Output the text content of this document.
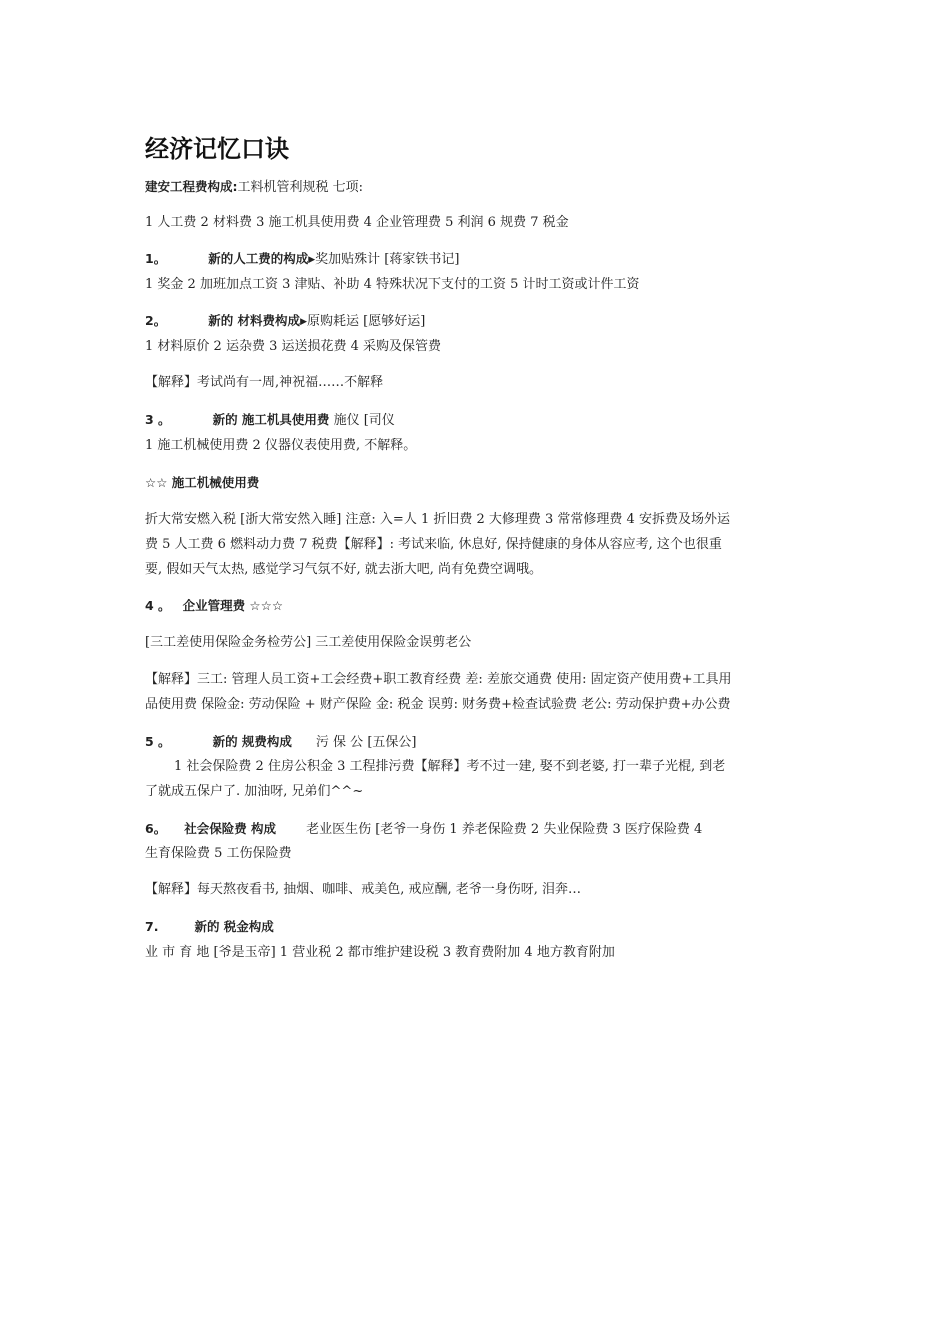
经济记忆口诀
建安工程费构成:工料机管利规税 七项:
1 人工费 2 材料费 3 施工机具使用费 4 企业管理费 5 利润 6 规费 7 税金
1。	新的人工费的构成▶奖加贴殊计 [蒋家铁书记]
1 奖金 2 加班加点工资 3 津贴、补助 4 特殊状况下支付的工资 5 计时工资或计件工资
2。	新的 材料费构成▶原购耗运 [愿够好运]
1 材料原价 2 运杂费 3 运送损花费 4 采购及保管费
【解释】考试尚有一周,神祝福……不解释
3 。	新的 施工机具使用费 施仪 [司仪
1 施工机械使用费 2 仪器仪表使用费, 不解释。
☆☆ 施工机械使用费
折大常安燃入税 [浙大常安然入睡] 注意: 入=人 1 折旧费 2 大修理费 3 常常修理费 4 安拆费及场外运
费 5 人工费 6 燃料动力费 7 税费【解释】: 考试来临, 休息好, 保持健康的身体从容应考, 这个也很重
要, 假如天气太热, 感觉学习气氛不好, 就去浙大吧, 尚有免费空调哦。
4 。 企业管理费 ☆☆☆
[三工差使用保险金务检劳公] 三工差使用保险金误剪老公
【解释】三工: 管理人员工资+工会经费+职工教育经费 差: 差旅交通费 使用: 固定资产使用费+工具用
品使用费 保险金: 劳动保险 + 财产保险 金: 税金 误剪: 财务费+检查试验费 老公: 劳动保护费+办公费
5 。	新的 规费构成 污 保 公 [五保公]
1 社会保险费 2 住房公积金 3 工程排污费【解释】考不过一建, 娶不到老婆, 打一辈子光棍, 到老
了就成五保户了. 加油呀, 兄弟们^^~
6。 社会保险费 构成 老业医生伤 [老爷一身伤 1 养老保险费 2 失业保险费 3 医疗保险费 4
生育保险费 5 工伤保险费
【解释】每天熬夜看书, 抽烟、咖啡、戒美色, 戒应酬, 老爷一身伤呀, 泪奔…
7.	新的 税金构成
业 市 育 地 [爷是玉帝] 1 营业税 2 都市维护建设税 3 教育费附加 4 地方教育附加
